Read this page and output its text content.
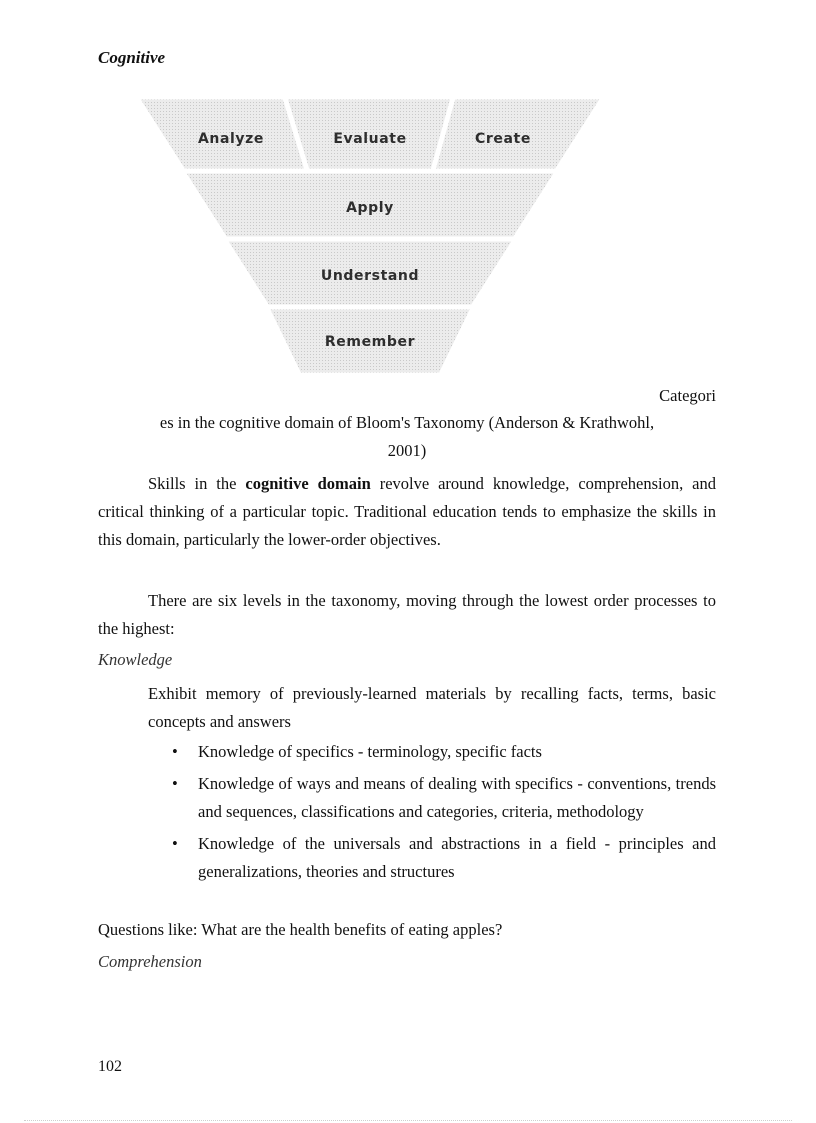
Cognitive
Analyze	Evaluate	Create
Apply
Understand
Remember
Categori
es in the cognitive domain of Bloom's Taxonomy (Anderson & Krathwohl,
2001)

Skills in the cognitive domain revolve around knowledge, comprehension, and critical thinking of a particular topic. Traditional education tends to emphasize the skills in this domain, particularly the lower-order objectives.

There are six levels in the taxonomy, moving through the lowest order processes to the highest:

Knowledge

Exhibit memory of previously-learned materials by recalling facts, terms, basic concepts and answers

• Knowledge of specifics - terminology, specific facts
• Knowledge of ways and means of dealing with specifics - conventions, trends and sequences, classifications and categories, criteria, methodology
• Knowledge of the universals and abstractions in a field - principles and generalizations, theories and structures
Questions like: What are the health benefits of eating apples?
Comprehension
102
